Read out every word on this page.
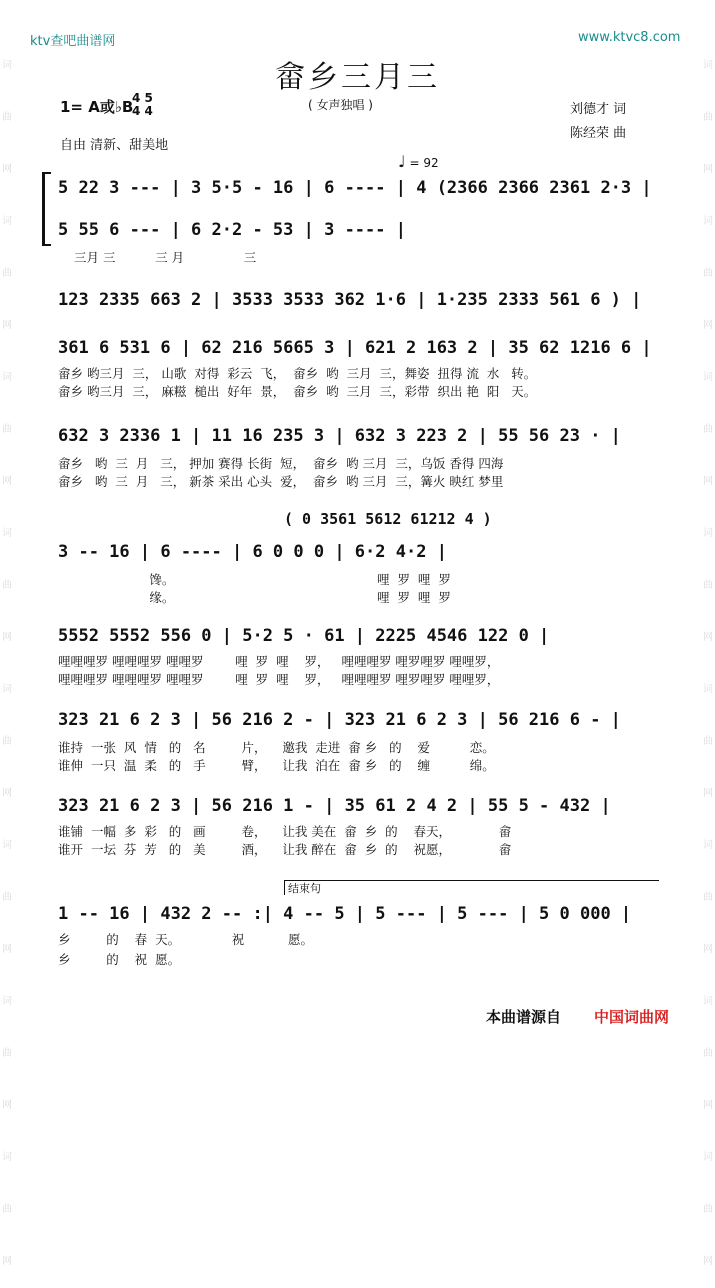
词 曲 网 词 曲 网 词 曲 网 词 曲 网 词 曲 网 词 曲 网 词 曲 网 词 曲 网
词 曲 网 词 曲 网 词 曲 网 词 曲 网 词 曲 网 词 曲 网 词 曲 网 词 曲 网
ktv查吧曲谱网	www.ktvc8.com
畲乡三月三
( 女声独唱 )
1= A或♭B
4 5
4 4	刘德才 词
陈经荣 曲
自由 清新、甜美地
♩ = 92
5 22 3 --- | 3 5·5 - 16 | 6 ---- | 4 (2366 2366 2361 2·3 |
5 55 6 --- | 6 2·2 - 53 | 3 ---- |
三月 三          三 月               三
123 2335 663 2 | 3533 3533 362 1·6 | 1·235 2333 561 6 ) |
361 6 531 6 | 62 216 5665 3 | 621 2 163 2 | 35 62 1216 6 |
畲乡 哟三月  三， 山歌  对得  彩云  飞，  畲乡  哟  三月  三，舞姿  扭得 流  水   转。
畲乡 哟三月  三， 麻糍  槌出  好年  景，  畲乡  哟  三月  三，彩带  织出 艳  阳   天。
632 3 2336 1 | 11 16 235 3 | 632 3 223 2 | 55 56 23 · |
畲乡   哟  三  月   三， 押加 赛得 长街  短，  畲乡  哟 三月  三，乌饭 香得 四海
畲乡   哟  三  月   三， 新茶 采出 心头  爱，  畲乡  哟 三月  三，篝火 映红 梦里
( 0 3561 5612 61212 4 )
3 -- 16 | 6 ---- | 6 0 0 0 | 6·2 4·2 |
馋。                                                   哩  罗  哩  罗
缘。                                                   哩  罗  哩  罗
5552 5552 556 0 | 5·2 5 · 61 | 2225 4546 122 0 |
哩哩哩罗 哩哩哩罗 哩哩罗        哩  罗  哩    罗，   哩哩哩罗 哩罗哩罗 哩哩罗，
哩哩哩罗 哩哩哩罗 哩哩罗        哩  罗  哩    罗，   哩哩哩罗 哩罗哩罗 哩哩罗，
323 21 6 2 3 | 56 216 2 - | 323 21 6 2 3 | 56 216 6 - |
谁持  一张  风  情   的   名         片，    邀我  走进  畲 乡   的    爱          恋。
谁伸  一只  温  柔   的   手         臂，    让我  泊在  畲 乡   的    缠          绵。
323 21 6 2 3 | 56 216 1 - | 35 61 2 4 2 | 55 5 - 432 |
谁铺  一幅  多  彩   的   画         卷，    让我 美在  畲  乡  的    春天，            畲
谁开  一坛  芬  芳   的   美         酒，    让我 醉在  畲  乡  的    祝愿，            畲
结束句
1 -- 16 | 432 2 -- :| 4 -- 5 | 5 --- | 5 --- | 5 0 000 |
乡         的    春  天。             祝           愿。
乡         的    祝  愿。
本曲谱源自 中国词曲网
